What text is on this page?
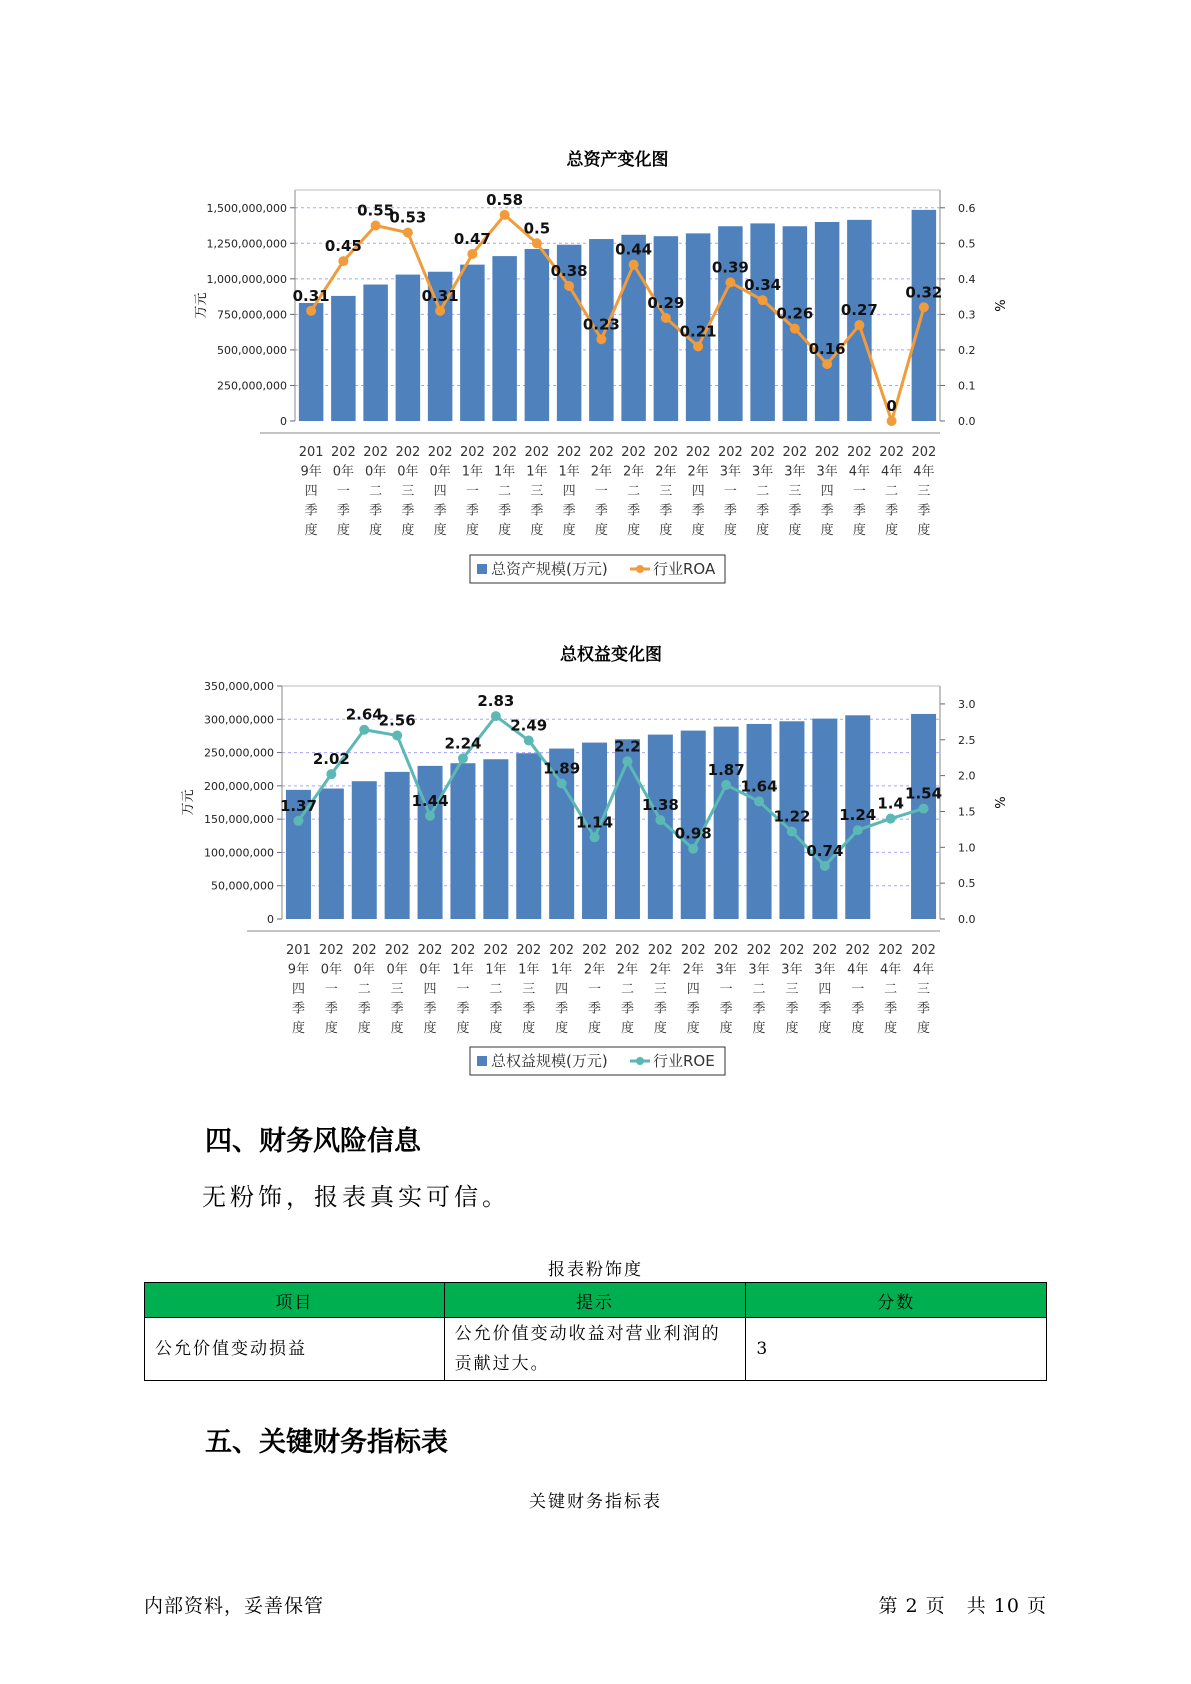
总资产变化图
0
250,000,000
500,000,000
750,000,000
1,000,000,000
1,250,000,000
1,500,000,000
0.0
0.1
0.2
0.3
0.4
0.5
0.6
万元	%
0.31
0.45
0.55
0.53
0.31
0.47
0.58
0.5
0.38
0.23
0.44
0.29
0.21
0.39
0.34
0.26
0.16
0.27
0
0.32
201
9年
四
季
度
202
0年
一
季
度
202
0年
二
季
度
202
0年
三
季
度
202
0年
四
季
度
202
1年
一
季
度
202
1年
二
季
度
202
1年
三
季
度
202
1年
四
季
度
202
2年
一
季
度
202
2年
二
季
度
202
2年
三
季
度
202
2年
四
季
度
202
3年
一
季
度
202
3年
二
季
度
202
3年
三
季
度
202
3年
四
季
度
202
4年
一
季
度
202
4年
二
季
度
202
4年
三
季
度
总资产规模(万元)	行业ROA
总权益变化图
0
50,000,000
100,000,000
150,000,000
200,000,000
250,000,000
300,000,000
350,000,000
0.0
0.5
1.0
1.5
2.0
2.5
3.0
万元	%
1.37
2.02
2.64
2.56
1.44
2.24
2.83
2.49
1.89
1.14
2.2
1.38
0.98
1.87
1.64
1.22
0.74
1.24
1.4
1.54
201
9年
四
季
度
202
0年
一
季
度
202
0年
二
季
度
202
0年
三
季
度
202
0年
四
季
度
202
1年
一
季
度
202
1年
二
季
度
202
1年
三
季
度
202
1年
四
季
度
202
2年
一
季
度
202
2年
二
季
度
202
2年
三
季
度
202
2年
四
季
度
202
3年
一
季
度
202
3年
二
季
度
202
3年
三
季
度
202
3年
四
季
度
202
4年
一
季
度
202
4年
二
季
度
202
4年
三
季
度
总权益规模(万元)	行业ROE
四、财务风险信息
无粉饰，报表真实可信。
报表粉饰度
项目	提示	分数
公允价值变动损益	公允价值变动收益对营业利润的贡献过大。	3
五、关键财务指标表
关键财务指标表
内部资料，妥善保管	第 2 页   共 10 页
